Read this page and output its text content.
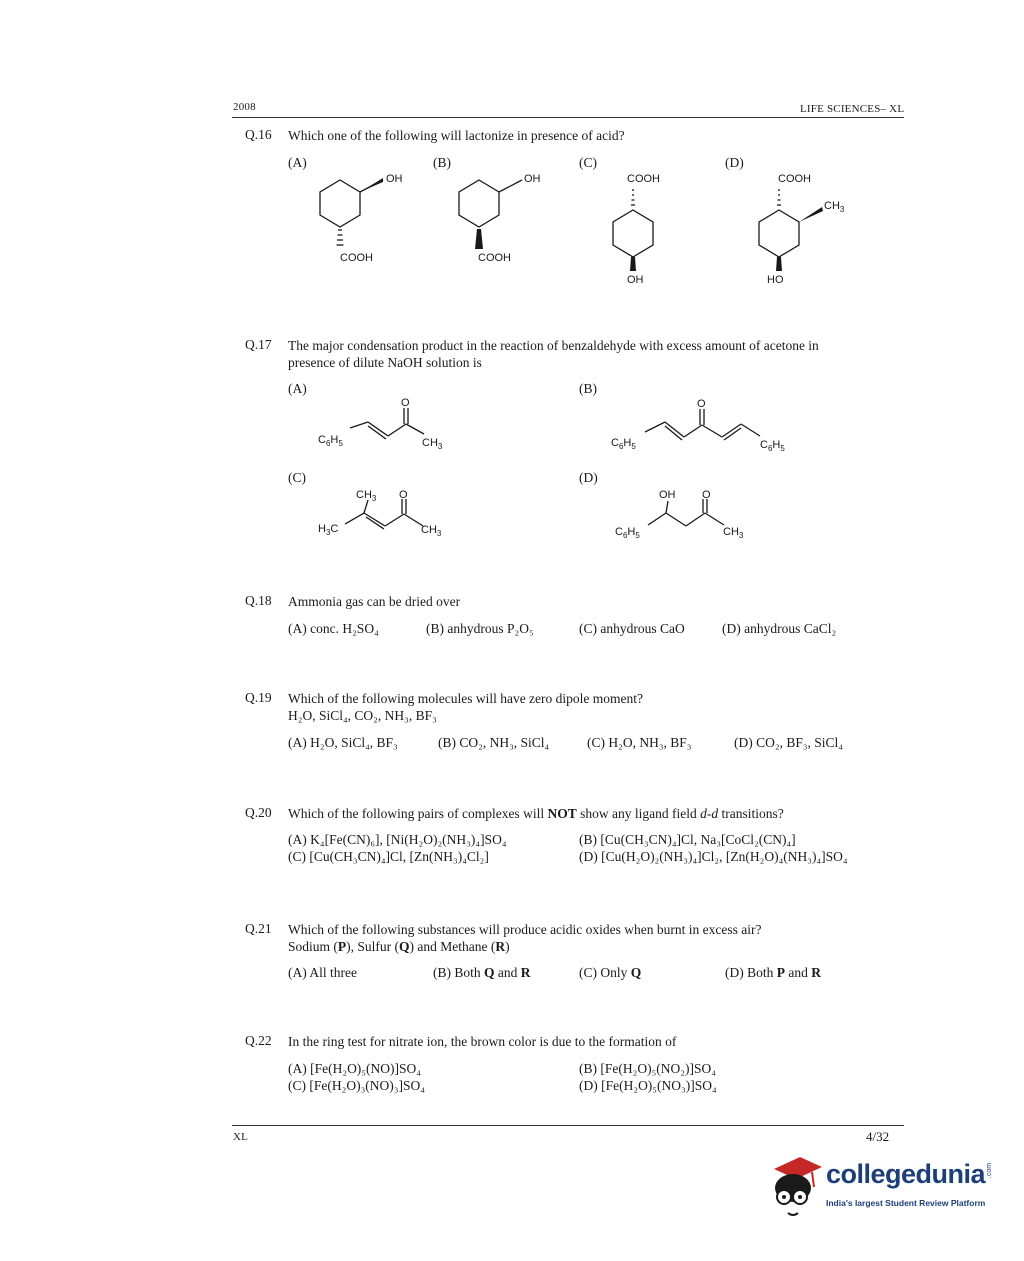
2008	LIFE SCIENCES– XL
Q.16 Which one of the following will lactonize in presence of acid?
(A)	(B)	(C)	(D)
OH
COOH
OH
COOH
COOH
OH
COOH
HO
$CH_3$
Q.17 The major condensation product in the reaction of benzaldehyde with excess amount of acetone in
presence of dilute NaOH solution is
(A)	(B)
(C)	(D)
$C_6H_5$
O
$CH_3$	$C_6H_5$
O
$C_6H_5$
$CH_3$ O
$H_3C$	$CH_3$
OH O
$C_6H_5$	$CH_3$
Q.18 Ammonia gas can be dried over
(A) conc. H₂SO₄	(B) anhydrous P₂O₅	(C) anhydrous CaO	(D) anhydrous CaCl₂
Q.19 Which of the following molecules will have zero dipole moment?
H₂O, SiCl₄, CO₂, NH₃, BF₃
(A) H₂O, SiCl₄, BF₃	(B) CO₂, NH₃, SiCl₄	(C) H₂O, NH₃, BF₃	(D) CO₂, BF₃, SiCl₄
Q.20 Which of the following pairs of complexes will NOT show any ligand field d-d transitions?
(A) K₄[Fe(CN)₆], [Ni(H₂O)₂(NH₃)₄]SO₄	(B) [Cu(CH₃CN)₄]Cl, Na₃[CoCl₂(CN)₄]
(C) [Cu(CH₃CN)₄]Cl, [Zn(NH₃)₄Cl₂]	(D) [Cu(H₂O)₂(NH₃)₄]Cl₂, [Zn(H₂O)₄(NH₃)₄]SO₄
Q.21 Which of the following substances will produce acidic oxides when burnt in excess air?
Sodium (P), Sulfur (Q) and Methane (R)
(A) All three	(B) Both Q and R	(C) Only Q	(D) Both P and R
Q.22 In the ring test for nitrate ion, the brown color is due to the formation of
(A) [Fe(H₂O)₅(NO)]SO₄	(B) [Fe(H₂O)₅(NO₂)]SO₄
(C) [Fe(H₂O)₃(NO)₃]SO₄	(D) [Fe(H₂O)₅(NO₃)]SO₄
XL	4/32
collegedunia .com
India's largest Student Review Platform
